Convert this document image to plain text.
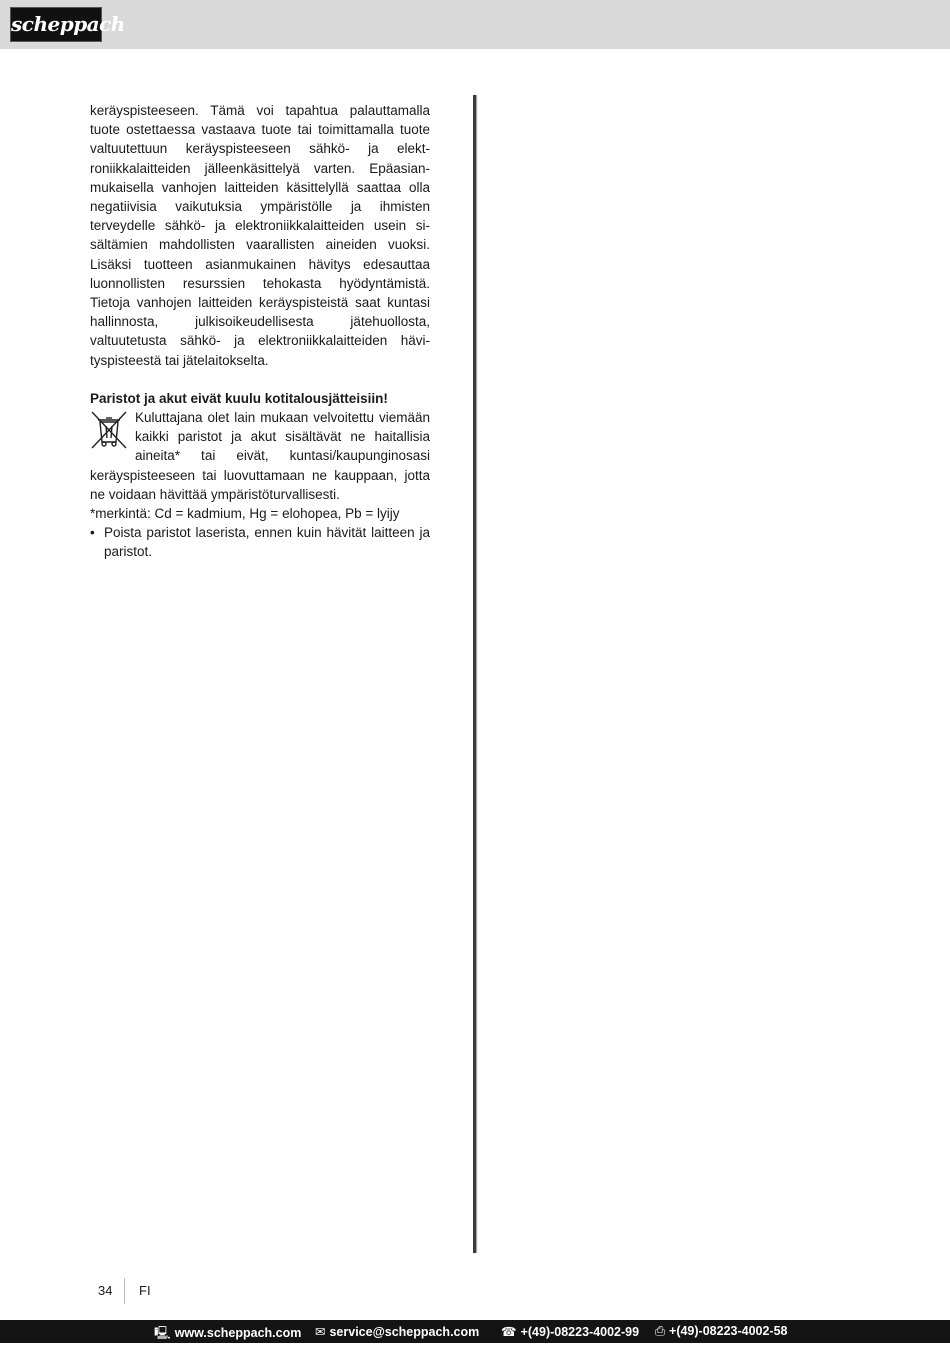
scheppach

keräyspisteeseen. Tämä voi tapahtua palauttamalla tuote ostettaessa vastaava tuote tai toimittamalla tuote valtuutettuun keräyspisteeseen sähkö- ja elektroniikkalaitteiden jälleenkäsittelyä varten. Epäasianmukaisella vanhojen laitteiden käsittelyllä saattaa olla negatiivisia vaikutuksia ympäristölle ja ihmisten terveydelle sähkö- ja elektroniikkalaitteiden usein sisältämien mahdollisten vaarallisten aineiden vuoksi. Lisäksi tuotteen asianmukainen hävitys edesauttaa luonnollisten resurssien tehokasta hyödyntämistä. Tietoja vanhojen laitteiden keräyspisteistä saat kuntasi hallinnosta, julkisoikeudellisesta jätehuollosta, valtuutetusta sähkö- ja elektroniikkalaitteiden hävityspisteestä tai jätelaitokselta.

Paristot ja akut eivät kuulu kotitalousjätteisiin!

Kuluttajana olet lain mukaan velvoitettu viemään kaikki paristot ja akut sisältävät ne haitallisia aineita* tai eivät, kuntasi/kaupunginosasi keräyspisteeseen tai luovuttamaan ne kauppaan, jotta ne voidaan hävittää ympäristöturvallisesti.

*merkintä: Cd = kadmium, Hg = elohopea, Pb = lyijy

• Poista paristot laserista, ennen kuin hävität laitteen ja paristot.
34 FI
🖳 www.scheppach.com ✉ service@scheppach.com ☎ +(49)-08223-4002-99 ⎙ +(49)-08223-4002-58
